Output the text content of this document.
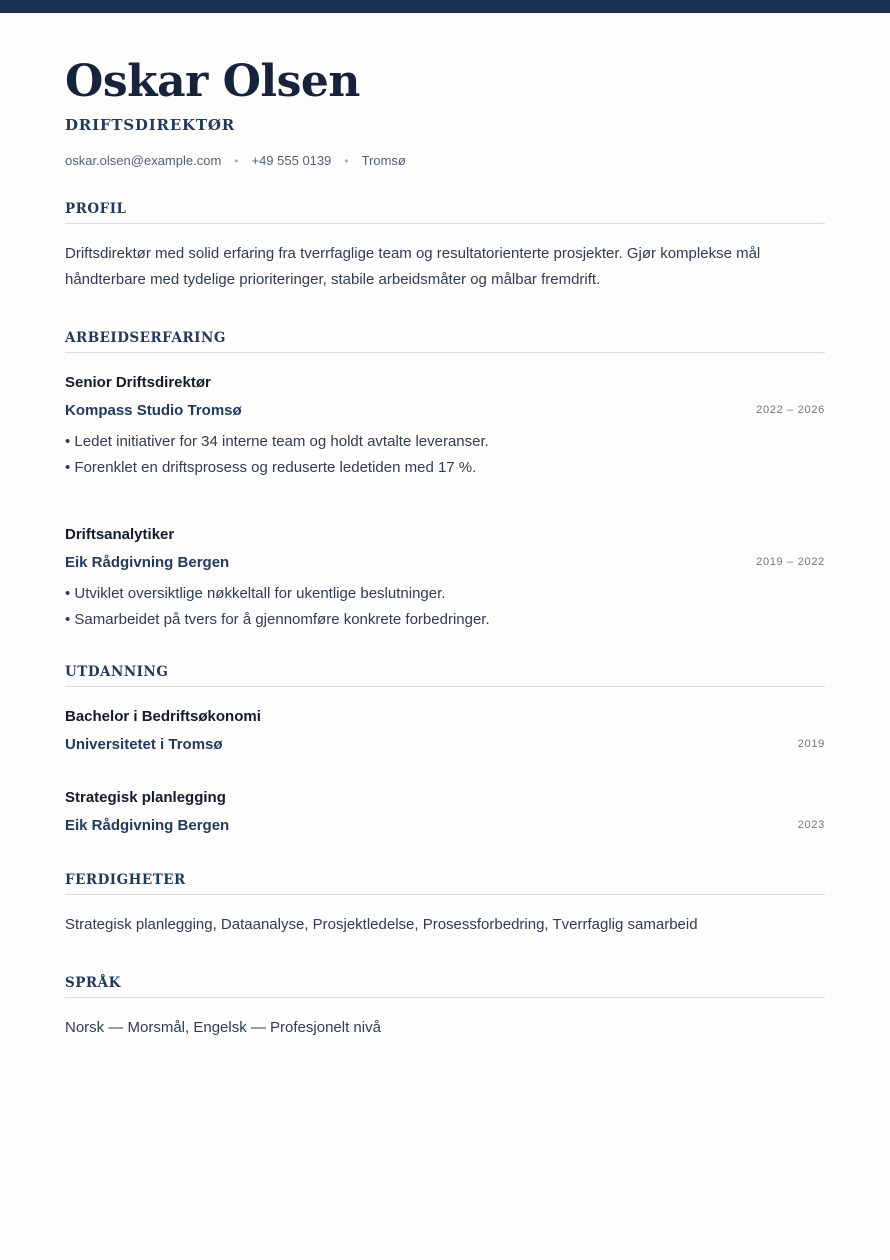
Oskar Olsen
DRIFTSDIREKTØR
oskar.olsen@example.com • +49 555 0139 • Tromsø
PROFIL
Driftsdirektør med solid erfaring fra tverrfaglige team og resultatorienterte prosjekter. Gjør komplekse mål håndterbare med tydelige prioriteringer, stabile arbeidsmåter og målbar fremdrift.
ARBEIDSERFARING
Senior Driftsdirektør
Kompass Studio Tromsø	2022 – 2026
• Ledet initiativer for 34 interne team og holdt avtalte leveranser.
• Forenklet en driftsprosess og reduserte ledetiden med 17 %.
Driftsanalytiker
Eik Rådgivning Bergen	2019 – 2022
• Utviklet oversiktlige nøkkeltall for ukentlige beslutninger.
• Samarbeidet på tvers for å gjennomføre konkrete forbedringer.
UTDANNING
Bachelor i Bedriftsøkonomi
Universitetet i Tromsø	2019
Strategisk planlegging
Eik Rådgivning Bergen	2023
FERDIGHETER
Strategisk planlegging, Dataanalyse, Prosjektledelse, Prosessforbedring, Tverrfaglig samarbeid
SPRÅK
Norsk — Morsmål, Engelsk — Profesjonelt nivå
